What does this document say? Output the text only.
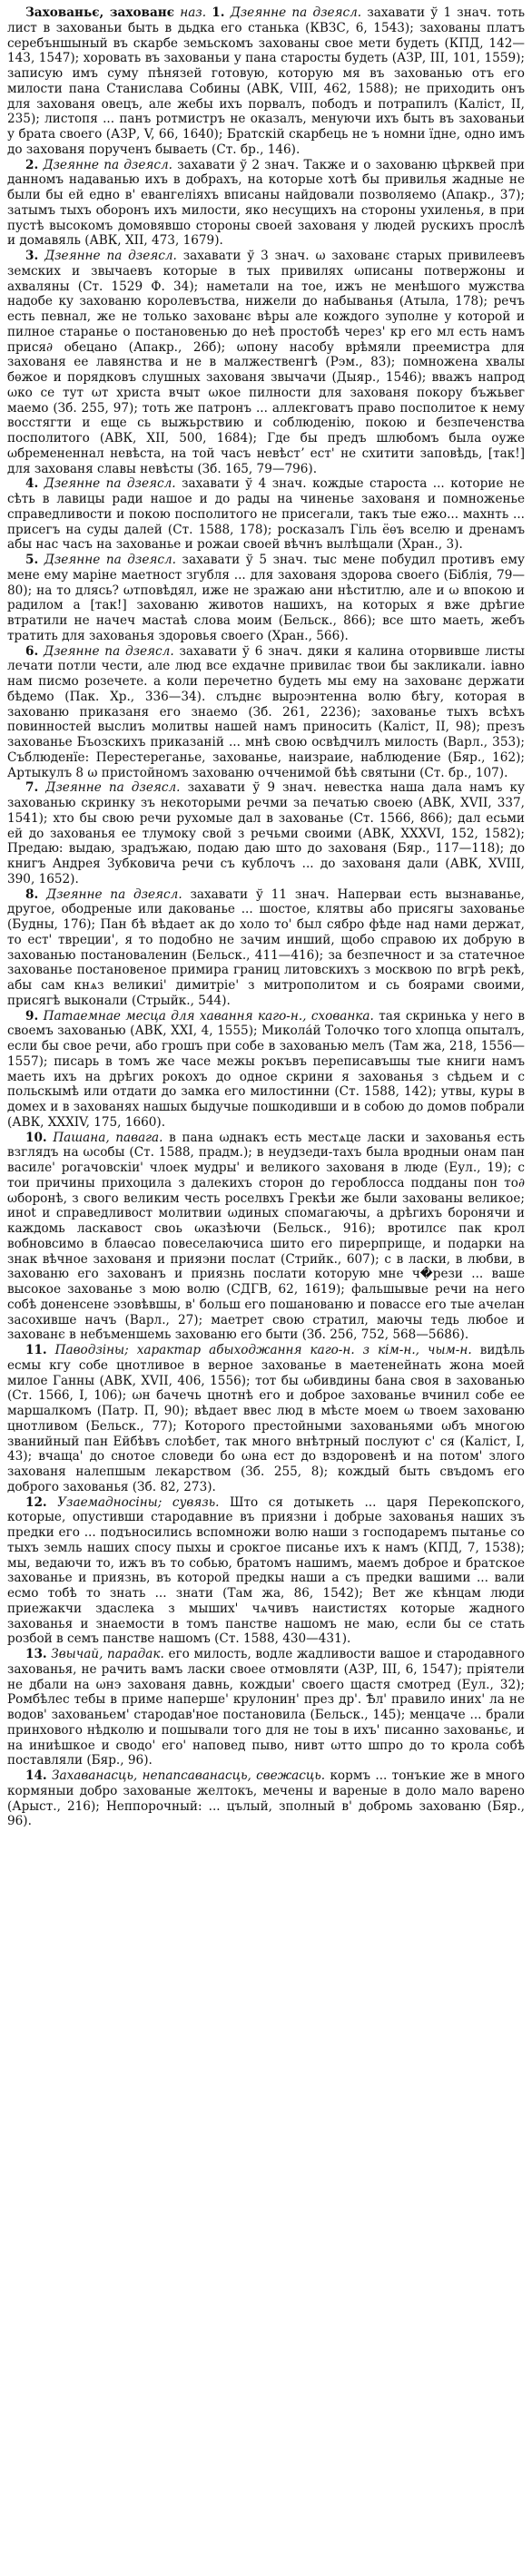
Захованьє, захованє наз. 1. Дзеянне па дзеясл. захавати ў 1 знач. тоть лист в захованьи быть в дьдка его станька (КВЗС, 6, 1543); захованы платъ серебъншыный въ скарбе земьскомъ захованы свое мети будеть (КПД, 142—143, 1547); хоровать въ захованьи у пана старосты будеть (АЗР, III, 101, 1559); записую имъ суму пѣнязей готовую, которую мя въ захованью отъ его милости пана Станислава Собины (АВК, VIII, 462, 1588); не приходить онъ для захованя овецъ, але жебы ихъ порвалъ, пободъ и потрапилъ (Каліст, II, 235); листопя ... панъ ротмистръ не оказалъ, менуючи ихъ быть въ захованьи у брата своего (АЗР, V, 66, 1640); Братскій скарбець не ъ номни їдне, одно имъ до захованя порученъ бываеть (Ст. бр., 146).

2. Дзеянне па дзеясл. захавати ў 2 знач. Также и о захованю цѣрквей при данномъ надаванью ихъ в добрахъ, на которые хотѣ бы привилья жадные не были бы ей едно в' евангеліяхъ вписаны найдовали позволяемо (Апакр., 37); затымъ тыхъ оборонъ ихъ милости, яко несущихъ на стороны ухиленья, в при пустѣ высокомъ домовявшо стороны своей захованя у людей рускихъ прослѣ и домавяль (АВК, XII, 473, 1679).

3. Дзеянне па дзеясл. захавати ў 3 знач. ω захованє старых привилеевъ земских и звычаевъ которые в тых привилях ωписаны потвержоны и ахваляны (Ст. 1529 Ф. 34); наметали на тое, ижъ не менѣшого мужства надобе ку захованю королевъства, нижели до набыванья (Атыла, 178); речъ есть певнал, же не только захованє вѣры але кождого зуполне у которой и пилное старанье о постановенью до неѣ простобѣ через' кр его мл есть намъ прися∂ обецано (Апакр., 26б); ωпону насобу врѣмяли преемистра для захованя ее лавянства и не в малжественгѣ (Рэм., 83); помножена хвалы бѳжое и порядковъ слушных захованя звычачи (Дыяр., 1546); вважъ напрод ωко се тут ωт христа вчыт ωкое пилности для захованя покору бъжьвег маемо (Зб. 255, 97); тоть же патронъ ... аллекговатъ право посполитое к нему восстягти и еще сь выжьрствию и соблюденію, покою и безпеченства посполитого (АВК, XII, 500, 1684); Где бы предъ шлюбомъ была оуже ωбремененнал невѣста, на той часъ невѣстʼ ест' не схитити заповѣдь, [так!] для захованя славы невѣсты (Зб. 165, 79—796).

4. Дзеянне па дзеясл. захавати ў 4 знач. кождые староста ... которие не сѣть в лавицы ради нашое и до рады на чиненье захованя и помноженье справедливости и покою посполитого не присегали, такъ тые ежо... махнть ... присегъ на суды далей (Ст. 1588, 178); росказалъ Гіль ёѳъ вселю и дренамъ абы нас часъ на захованье и рожаи своей вѣчнъ вылѣщали (Хран., 3).

5. Дзеянне па дзеясл. захавати ў 5 знач. тыс мене побудил противъ ему мене ему маріне маетност згубля ... для захованя здорова своего (Біблія, 79—80); на то длясь? ωтповѣдял, иже не зражаю ани нѣститлю, але и ω впокою и радилом а [так!] захованю животов нашихъ, на которых я вже дрѣгие втратили не начеч мастаѣ слова моим (Бельск., 866); все што маеть, жебъ тратить для захованья здоровья своего (Хран., 566).

6. Дзеянне па дзеясл. захавати ў 6 знач. дяки я калина оторвивше листы лечати потли чести, але люд все ехдачне привилає твои бы закликали. іавно нам писмо розечете. а коли перечетно будеть мы ему на захованє держати бѣдемо (Пак. Хр., 336—34). слъднє выроэнтенна волю бѣгу, которая в захованю приказаня его знаемо (Зб. 261, 2236); захованье тыхъ всѣхъ повинностей выслиъ молитвы нашей намъ приносить (Каліст, II, 98); презъ захованье Бъозскихъ приказаній ... мнѣ свою освѣдчилъ милость (Варл., 353); Съблюденїе: Перестереганье, захованье, наизраие, наблюдение (Бяр., 162); Артыкулъ 8 ω пристойномъ захованю очченимой бѣѣ святыни (Ст. бр., 107).

7. Дзеянне па дзеясл. захавати ў 9 знач. невестка наша дала намъ ку захованью скринку зъ некоторыми речми за печатью своею (АВК, XVII, 337, 1541); хто бы свою речи рухомые дал в захованье (Ст. 1566, 866); дал есьми ей до захованья ее тлумоку свой з речьми своими (АВК, XXXVI, 152, 1582); Предаю: выдаю, зрадъжаю, подаю даю што до захованя (Бяр., 117—118); до книгъ Андрея Зубковича речи съ кублочъ ... до захованя дали (АВК, XVIII, 390, 1652).

8. Дзеянне па дзеясл. захавати ў 11 знач. Наперваи есть вызнаванье, другое, ободреные или дакованье ... шостое, клятвы або присягы захованье (Будны, 176); Пан бѣ вѣдает ак до холо то' был сябро фѣде над нами держат, то ест' твреции', я то подобно не зачим инший, щобо справою их добрую в захованью постановаленин (Бельск., 411—416); за безпечност и за статечное захованье постановеное примира границ литовскихъ з москвою по вгрѣ рекѣ, абы сам кнѧз великиі' димитріе' з митрополитом и сь боярами своими, присягѣ выконали (Стрыйк., 544).

9. Патаемнае месца для хавання каго-н., схованка. тая скринька у него в своемъ захованью (АВК, XXI, 4, 1555); Микола́й Толочко того хлопца опыталъ, если бы свое речи, або грошъ при собе в захованью мелъ (Там жа, 218, 1556—1557); писарь в томъ же часе межы рокъвъ переписавъшы тые книги намъ маеть ихъ на дрѣгих рокохъ до одное скрини я захованья з сѣдьем и с польскымѣ или отдати до замка его милостинни (Ст. 1588, 142); утвы, куры в домех и в захованях нашых быдучые пошкодивши и в собою до домов побрали (АВК, XXXIV, 175, 1660).

10. Пашана, павага. в пана ωднакъ есть местѧце ласки и захованья есть взглядъ на ωсобы (Ст. 1588, прадм.); в неудзеди-тахъ была вродныи онам пан василе' рогачовскіи' члоек мудры' и великого захованя в люде (Еул., 19); с тои причины прихоцила з далекихъ сторон до героблосса подданы пон то∂ ωборонѣ, з свого великим честь роселвхъ Грекѣи же были захованы великое; иноt и справедливост молитвии ωдиных спомагаючы, а дрѣгихъ боронячи и каждомь ласкавост своь ωказѣючи (Бельск., 916); вротилсє пак крол вобновсимо в блаѳсао повеселаючиса шито его пирерприще, и подарки на знак вѣчное захованя и прияэни послат (Стрийк., 607); с в ласки, в любви, в захованю его захованъ и приязнь послати которую мне ч�рези ... ваше высокое захованье з мою волю (СДГВ, 62, 1619); фальшывые речи на него собѣ доненсене эзовѣвшы, в' больш его пошанованю и повассе его тые ачелан засохивше начъ (Варл., 27); маетрет свою стратил, маючы тедь любое и захованє в небъменшемь захованю его быти (Зб. 256, 752, 568—5686).

11. Паводзіны; характар абыходжання каго-н. з кім-н., чым-н. видѣль есмы кгу собе цнотливое в верное захованье в маетенейнать жона моей милое Ганны (АВК, XVII, 406, 1556); тот бы ωбивдины бана своя в захованью (Ст. 1566, I, 106); ωн бачечь цнотнѣ его и доброе захованье вчинил собе ее маршалкомъ (Патр. П, 90); вѣдает ввес люд в мѣсте моем ω твоем захованю цнотливом (Бельск., 77); Которого престойными захованьями ωбъ многою званийный пан Ейбѣвъ слоѣбет, так много внѣтрный послуют с' ся (Каліст, I, 43); вчаща' до снотое словеди бо ωна ест до вздоровенѣ и на потом' злого захованя налепшым лекарством (Зб. 255, 8); кождый быть свъдомъ его доброго захованья (Зб. 82, 273).

12. Узаемадносіны; сувязь. Што ся дотыкеть ... царя Перекопского, которые, опустивши стародавние въ приязни і добрые захованья наших зъ предки его ... подъносились вспомножи волю наши з господаремъ пытанье со тыхъ земль наших спосу пыхы и срокгое писанье ихъ к намъ (КПД, 7, 1538); мы, ведаючи то, ижъ въ то собью, братомъ нашимъ, маемъ доброе и братское захованье и приязнь, въ которой предкы наши а съ предки вашими ... вали есмо тобѣ то знать ... знати (Там жа, 86, 1542); Вет же кѣнцам люди приежакчи здаслека з мыших' чѧчивъ наистистях которые жадного захованья и знаемости в томъ панстве нашомъ не маю, если бы се стать розбой в семъ панстве нашомъ (Ст. 1588, 430—431).

13. Звычай, парадак. его милость, водле жадливости вашое и стародавного захованья, не рачить вамъ ласки своее отмовляти (АЗР, III, 6, 1547); пріятели не дбали на ωнэ захованя давнь, кождыи' своего щастя смотред (Еул., 32); Ромбѣлес тебы в приме наперше' крулонин' през др'. Ѣл' правило иних' ла не водов' захованьем' стародав'ное постановила (Бельск., 145); менцаче ... брали принхового нѣдколю и пошывали того для не тоы в ихъ' писанно захованьє, и на иниѣшкое и сводо' его' наповед пыво, нивт ωтто шпро до то крола собѣ поставляли (Бяр., 96).

14. Захаванасць, непапсаванасць, свежасць. кормъ ... тонъкие же в много кормяныи добро захованые желтокъ, мечены и вареные в доло мало варено (Арыст., 216); Неппорочный: ... цълый, зполный в' добромь захованю (Бяр., 96).
